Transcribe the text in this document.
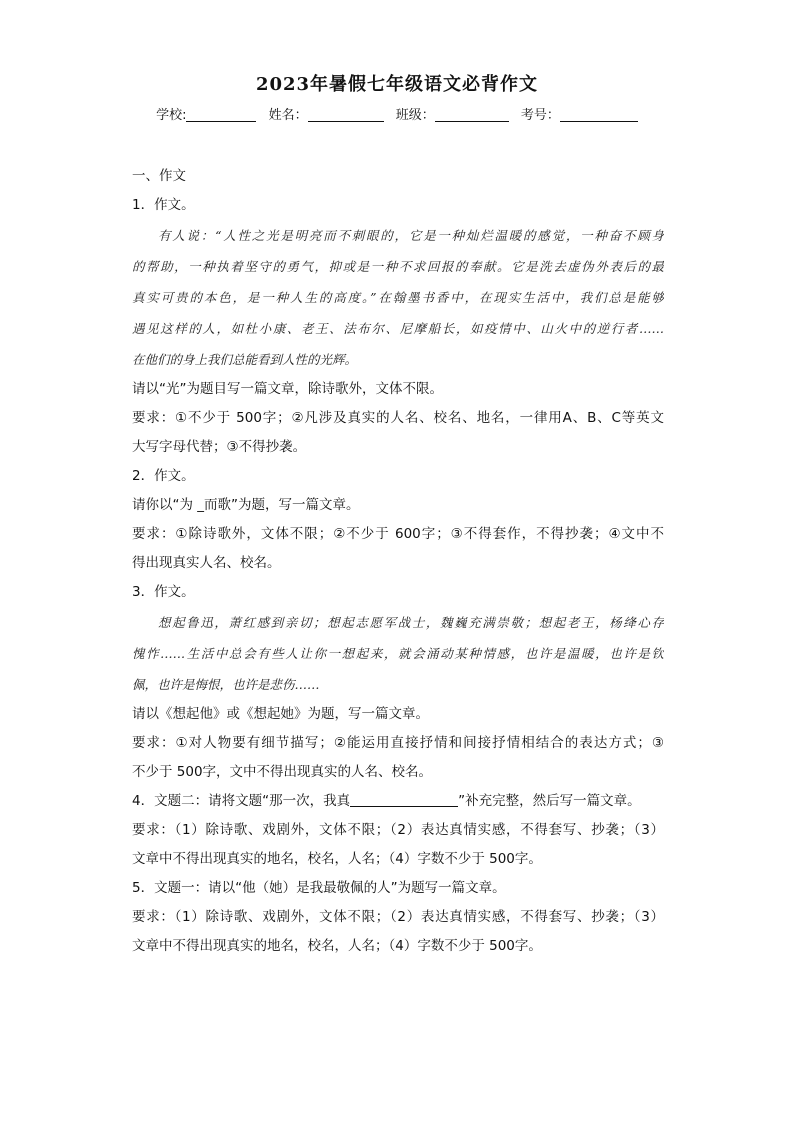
2023年暑假七年级语文必背作文
学校:	姓名：	班级：	考号：
一、作文
1．作文。
有人说：“人性之光是明亮而不刺眼的，它是一种灿烂温暖的感觉，一种奋不顾身
的帮助，一种执着坚守的勇气，抑或是一种不求回报的奉献。它是洗去虚伪外表后的最
真实可贵的本色，是一种人生的高度。”在翰墨书香中，在现实生活中，我们总是能够
遇见这样的人，如杜小康、老王、法布尔、尼摩船长，如疫情中、山火中的逆行者……
在他们的身上我们总能看到人性的光辉。
请以“光”为题目写一篇文章，除诗歌外，文体不限。
要求：①不少于 500字；②凡涉及真实的人名、校名、地名，一律用A、B、C等英文
大写字母代替；③不得抄袭。
2．作文。
请你以“为 _而歌”为题，写一篇文章。
要求：①除诗歌外，文体不限；②不少于 600字；③不得套作，不得抄袭；④文中不
得出现真实人名、校名。
3．作文。
想起鲁迅，萧红感到亲切；想起志愿军战士，魏巍充满崇敬；想起老王，杨绛心存
愧怍……生活中总会有些人让你一想起来，就会涌动某种情感，也许是温暖，也许是钦
佩，也许是悔恨，也许是悲伤……
请以《想起他》或《想起她》为题，写一篇文章。
要求：①对人物要有细节描写；②能运用直接抒情和间接抒情相结合的表达方式；③
不少于 500字，文中不得出现真实的人名、校名。
4．文题二：请将文题“那一次，我真	”补充完整，然后写一篇文章。
要求：（1）除诗歌、戏剧外，文体不限；（2）表达真情实感，不得套写、抄袭；（3）
文章中不得出现真实的地名，校名，人名；（4）字数不少于 500字。
5．文题一：请以“他（她）是我最敬佩的人”为题写一篇文章。
要求：（1）除诗歌、戏剧外，文体不限；（2）表达真情实感，不得套写、抄袭；（3）
文章中不得出现真实的地名，校名，人名；（4）字数不少于 500字。
